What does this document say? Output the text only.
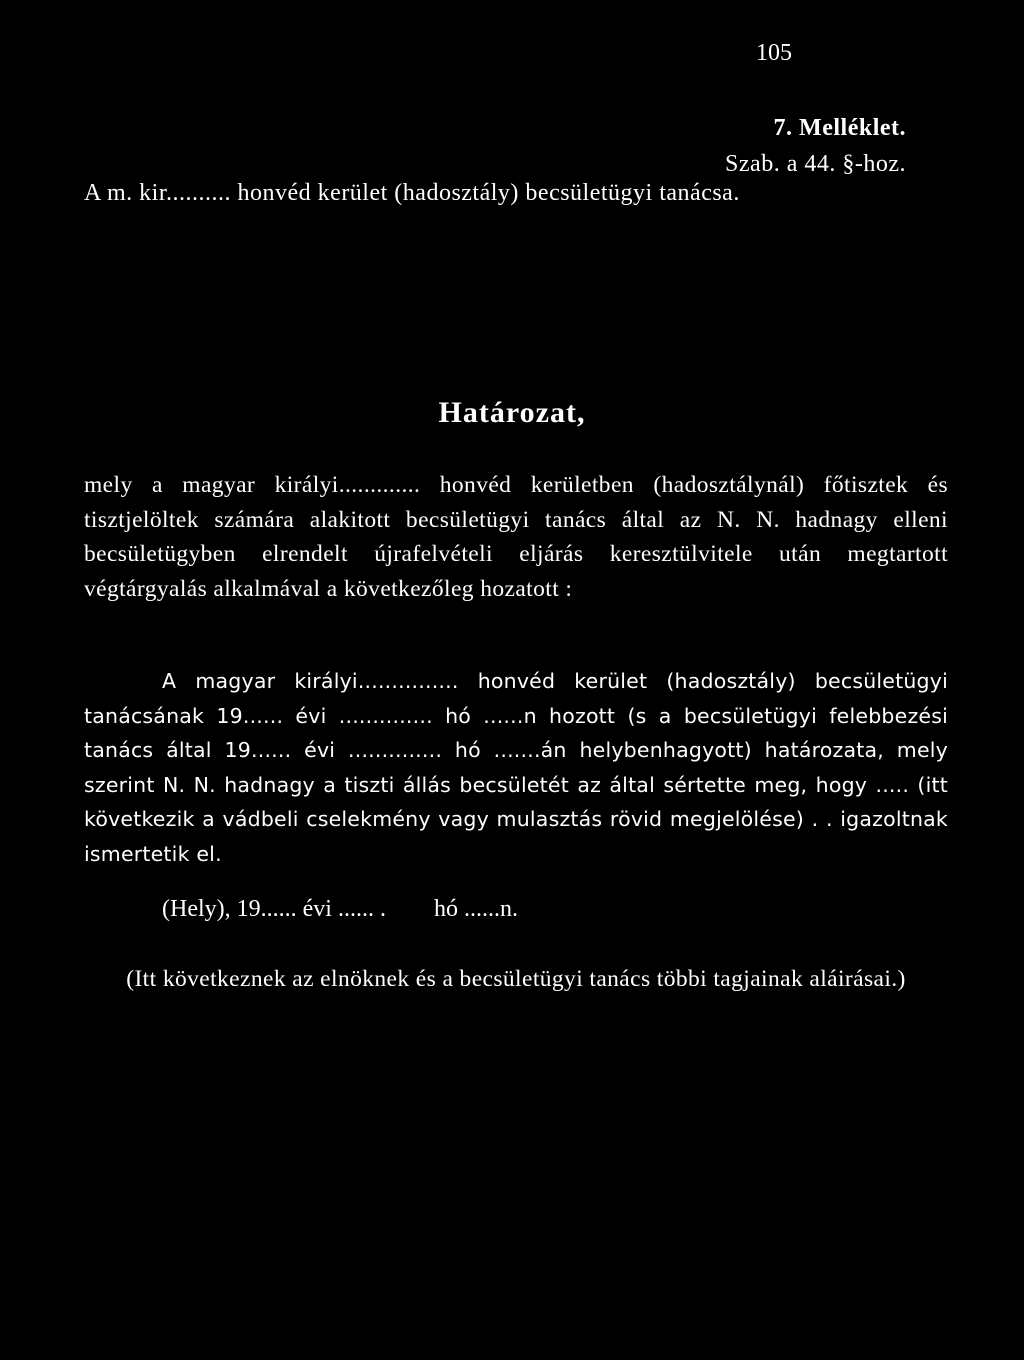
105
7. Melléklet.
Szab. a 44. §-hoz.
A m. kir.......... honvéd kerület (hadosztály) becsületügyi tanácsa.
Határozat,
mely a magyar királyi............. honvéd kerületben (hadosztálynál) főtisztek és tisztjelöltek számára alakitott becsületügyi tanács által az N. N. hadnagy elleni becsületügyben elrendelt újrafelvételi eljárás keresztülvitele után megtartott végtárgyalás alkalmával a következőleg hozatott :
A magyar királyi............... honvéd kerület (hadosztály) becsületügyi tanácsának 19...... évi .............. hó ......n hozott (s a becsületügyi felebbezési tanács által 19...... évi .............. hó .......án helybenhagyott) határozata, mely szerint N. N. hadnagy a tiszti állás becsületét az által sértette meg, hogy ..... (itt következik a vádbeli cselekmény vagy mulasztás rövid megjelölése) . . igazoltnak ismertetik el.
(Hely), 19...... évi ...... .        hó ......n.
(Itt következnek az elnöknek és a becsületügyi tanács többi tagjainak aláirásai.)
